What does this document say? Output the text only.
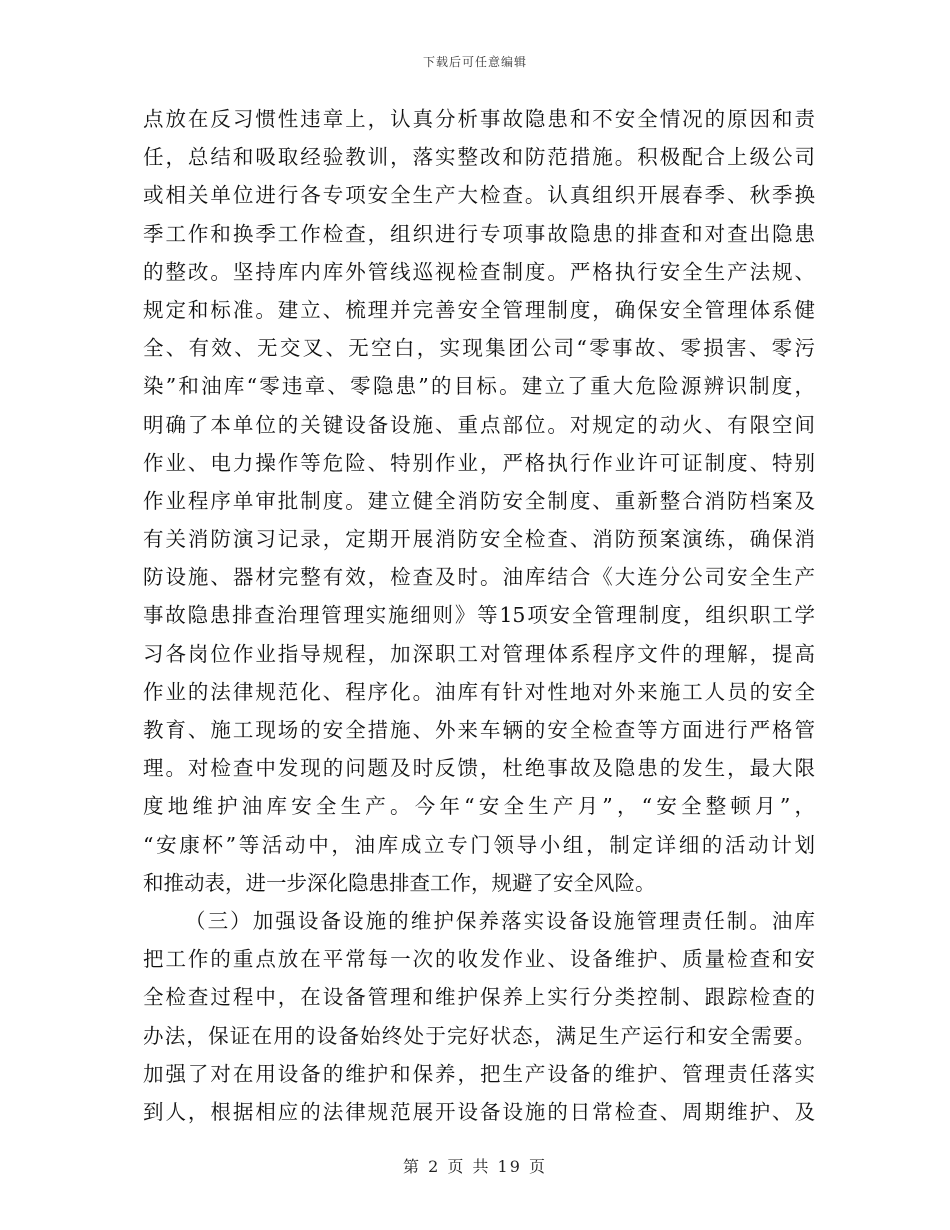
下载后可任意编辑
点放在反习惯性违章上，认真分析事故隐患和不安全情况的原因和责
任，总结和吸取经验教训，落实整改和防范措施。积极配合上级公司
或相关单位进行各专项安全生产大检查。认真组织开展春季、秋季换
季工作和换季工作检查，组织进行专项事故隐患的排查和对查出隐患
的整改。坚持库内库外管线巡视检查制度。严格执行安全生产法规、
规定和标准。建立、梳理并完善安全管理制度，确保安全管理体系健
全、有效、无交叉、无空白，实现集团公司“零事故、零损害、零污
染”和油库“零违章、零隐患”的目标。建立了重大危险源辨识制度，
明确了本单位的关键设备设施、重点部位。对规定的动火、有限空间
作业、电力操作等危险、特别作业，严格执行作业许可证制度、特别
作业程序单审批制度。建立健全消防安全制度、重新整合消防档案及
有关消防演习记录，定期开展消防安全检查、消防预案演练，确保消
防设施、器材完整有效，检查及时。油库结合《大连分公司安全生产
事故隐患排查治理管理实施细则》等15项安全管理制度，组织职工学
习各岗位作业指导规程，加深职工对管理体系程序文件的理解，提高
作业的法律规范化、程序化。油库有针对性地对外来施工人员的安全
教育、施工现场的安全措施、外来车辆的安全检查等方面进行严格管
理。对检查中发现的问题及时反馈，杜绝事故及隐患的发生，最大限
度地维护油库安全生产。今年“安全生产月”，“安全整顿月”，
“安康杯”等活动中，油库成立专门领导小组，制定详细的活动计划
和推动表，进一步深化隐患排查工作，规避了安全风险。
（三）加强设备设施的维护保养落实设备设施管理责任制。油库
把工作的重点放在平常每一次的收发作业、设备维护、质量检查和安
全检查过程中，在设备管理和维护保养上实行分类控制、跟踪检查的
办法，保证在用的设备始终处于完好状态，满足生产运行和安全需要。
加强了对在用设备的维护和保养，把生产设备的维护、管理责任落实
到人，根据相应的法律规范展开设备设施的日常检查、周期维护、及
第 2 页 共 19 页
